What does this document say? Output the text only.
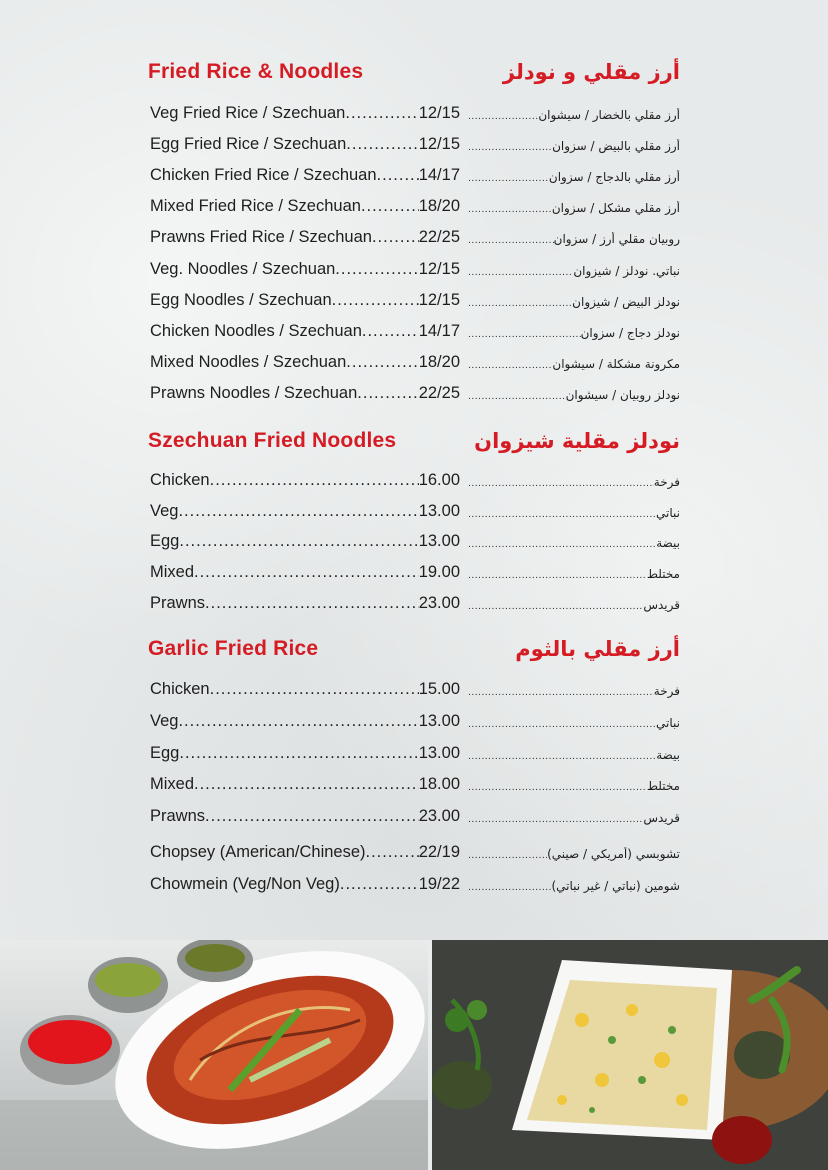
Fried Rice & Noodles	أرز مقلي و نودلز
Veg Fried Rice / Szechuan .....	12/15	أرز مقلي بالخضار / سيشوان
.....
Egg Fried Rice / Szechuan .....	12/15	أرز مقلي بالبيض / سزوان
.....
Chicken Fried Rice / Szechuan .....	14/17	أرز مقلي بالدجاج / سزوان
.....
Mixed Fried Rice / Szechuan .....	18/20	أرز مقلي مشكل / سزوان
.....
Prawns Fried Rice / Szechuan .....	22/25	روبيان مقلي أرز / سزوان
.....
Veg. Noodles / Szechuan .....	12/15	نباتي. نودلز / شيزوان
.....
Egg Noodles / Szechuan .....	12/15	نودلز البيض / شيزوان
.....
Chicken Noodles / Szechuan .....	14/17	نودلز دجاج / سزوان
.....
Mixed Noodles / Szechuan .....	18/20	مكرونة مشكلة / سيشوان
.....
Prawns Noodles / Szechuan .....	22/25	نودلز روبيان / سيشوان
.....
Szechuan Fried Noodles	نودلز مقلية شيزوان
Chicken .....	16.00	فرخة
.....
Veg .....	13.00	نباتي
.....
Egg .....	13.00	بيضة
.....
Mixed .....	19.00	مختلط
.....
Prawns .....	23.00	قريدس
.....
Garlic Fried Rice	أرز مقلي بالثوم
Chicken .....	15.00	فرخة
.....
Veg .....	13.00	نباتي
.....
Egg .....	13.00	بيضة
.....
Mixed .....	18.00	مختلط
.....
Prawns .....	23.00	قريدس
.....
Chopsey (American/Chinese) .....	22/19	تشوبسي (أمريكي / صيني)
.....
Chowmein (Veg/Non Veg) .....	19/22	شومين (نباتي / غير نباتي)
.....
